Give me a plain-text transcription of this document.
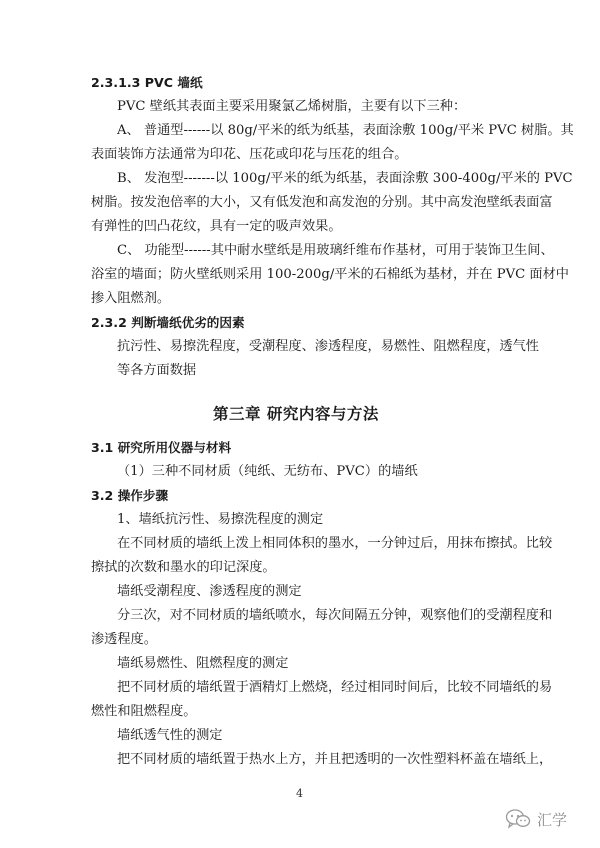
2.3.1.3 PVC 墙纸
PVC 壁纸其表面主要采用聚氯乙烯树脂，主要有以下三种：
A、 普通型------以 80g/平米的纸为纸基，表面涂敷 100g/平米 PVC 树脂。其
表面装饰方法通常为印花、压花或印花与压花的组合。
B、 发泡型-------以 100g/平米的纸为纸基，表面涂敷 300-400g/平米的 PVC
树脂。按发泡倍率的大小，又有低发泡和高发泡的分别。其中高发泡壁纸表面富
有弹性的凹凸花纹，具有一定的吸声效果。
C、 功能型------其中耐水壁纸是用玻璃纤维布作基材，可用于装饰卫生间、
浴室的墙面；防火壁纸则采用 100-200g/平米的石棉纸为基材，并在 PVC 面材中
掺入阻燃剂。
2.3.2 判断墙纸优劣的因素
抗污性、易擦洗程度，受潮程度、渗透程度，易燃性、阻燃程度，透气性
等各方面数据
第三章 研究内容与方法
3.1 研究所用仪器与材料
（1）三种不同材质（纯纸、无纺布、PVC）的墙纸
3.2 操作步骤
1、墙纸抗污性、易擦洗程度的测定
在不同材质的墙纸上泼上相同体积的墨水，一分钟过后，用抹布擦拭。比较
擦拭的次数和墨水的印记深度。
墙纸受潮程度、渗透程度的测定
分三次，对不同材质的墙纸喷水，每次间隔五分钟，观察他们的受潮程度和
渗透程度。
墙纸易燃性、阻燃程度的测定
把不同材质的墙纸置于酒精灯上燃烧，经过相同时间后，比较不同墙纸的易
燃性和阻燃程度。
墙纸透气性的测定
把不同材质的墙纸置于热水上方，并且把透明的一次性塑料杯盖在墙纸上，
4
汇学
